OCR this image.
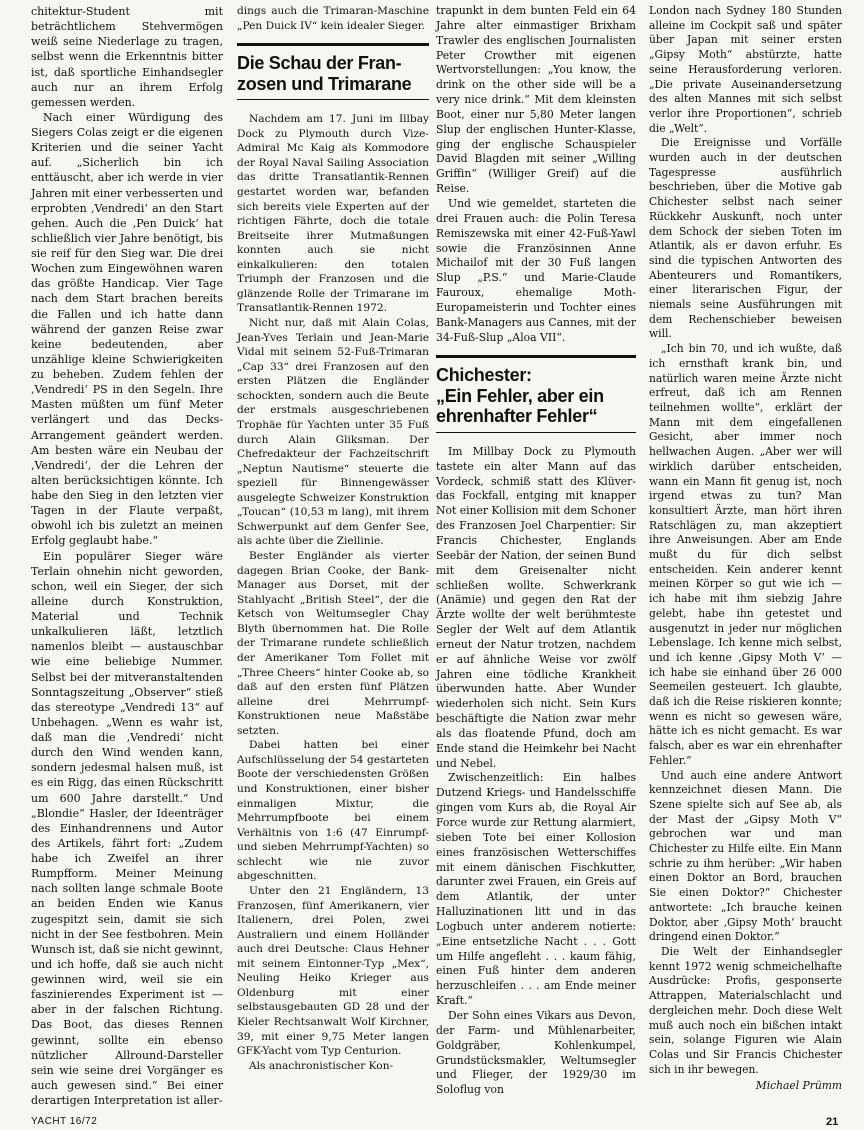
chitektur-Student mit beträchtlichem Stehvermögen weiß seine Niederlage zu tragen, selbst wenn die Erkenntnis bitter ist, daß sportliche Einhandsegler auch nur an ihrem Erfolg gemessen werden.

Nach einer Würdigung des Siegers Colas zeigt er die eigenen Kriterien und die seiner Yacht auf. „Sicherlich bin ich enttäuscht, aber ich werde in vier Jahren mit einer verbesserten und erprobten ‚Vendredi‘ an den Start gehen. Auch die ‚Pen Duick‘ hat schließlich vier Jahre benötigt, bis sie reif für den Sieg war. Die drei Wochen zum Eingewöhnen waren das größte Handicap. Vier Tage nach dem Start brachen bereits die Fallen und ich hatte dann während der ganzen Reise zwar keine bedeutenden, aber unzählige kleine Schwierigkeiten zu beheben. Zudem fehlen der ‚Vendredi‘ PS in den Segeln. Ihre Masten müßten um fünf Meter verlängert und das Decks-Arrangement geändert werden. Am besten wäre ein Neubau der ‚Vendredi‘, der die Lehren der alten berücksichtigen könnte. Ich habe den Sieg in den letzten vier Tagen in der Flaute verpaßt, obwohl ich bis zuletzt an meinen Erfolg geglaubt habe.“

Ein populärer Sieger wäre Terlain ohnehin nicht geworden, schon, weil ein Sieger, der sich alleine durch Konstruktion, Material und Technik unkalkulieren läßt, letztlich namenlos bleibt — austauschbar wie eine beliebige Nummer. Selbst bei der mitveranstaltenden Sonntagszeitung „Observer“ stieß das stereotype „Vendredi 13“ auf Unbehagen. „Wenn es wahr ist, daß man die ‚Vendredi‘ nicht durch den Wind wenden kann, sondern jedesmal halsen muß, ist es ein Rigg, das einen Rückschritt um 600 Jahre darstellt.“ Und „Blondie“ Hasler, der Ideenträger des Einhandrennens und Autor des Artikels, fährt fort: „Zudem habe ich Zweifel an ihrer Rumpfform. Meiner Meinung nach sollten lange schmale Boote an beiden Enden wie Kanus zugespitzt sein, damit sie sich nicht in der See festbohren. Mein Wunsch ist, daß sie nicht gewinnt, und ich hoffe, daß sie auch nicht gewinnen wird, weil sie ein faszinierendes Experiment ist — aber in der falschen Richtung. Das Boot, das dieses Rennen gewinnt, sollte ein ebenso nützlicher Allround-Darsteller sein wie seine drei Vorgänger es auch gewesen sind.“ Bei einer derartigen Interpretation ist aller-

dings auch die Trimaran-Maschine „Pen Duick IV“ kein idealer Sieger.

Die Schau der Fran-
zosen und Trimarane

Nachdem am 17. Juni im Illbay Dock zu Plymouth durch Vize-Admiral Mc Kaig als Kommodore der Royal Naval Sailing Association das dritte Transatlantik-Rennen gestartet worden war, befanden sich bereits viele Experten auf der richtigen Fährte, doch die totale Breitseite ihrer Mutmaßungen konnten auch sie nicht einkalkulieren: den totalen Triumph der Franzosen und die glänzende Rolle der Trimarane im Transatlantik-Rennen 1972.

Nicht nur, daß mit Alain Colas, Jean-Yves Terlain und Jean-Marie Vidal mit seinem 52-Fuß-Trimaran „Cap 33“ drei Franzosen auf den ersten Plätzen die Engländer schockten, sondern auch die Beute der erstmals ausgeschriebenen Trophäe für Yachten unter 35 Fuß durch Alain Gliksman. Der Chefredakteur der Fachzeitschrift „Neptun Nautisme“ steuerte die speziell für Binnengewässer ausgelegte Schweizer Konstruktion „Toucan“ (10,53 m lang), mit ihrem Schwerpunkt auf dem Genfer See, als achte über die Ziellinie.

Bester Engländer als vierter dagegen Brian Cooke, der Bank-Manager aus Dorset, mit der Stahlyacht „British Steel“, der die Ketsch von Weltumsegler Chay Blyth übernommen hat. Die Rolle der Trimarane rundete schließlich der Amerikaner Tom Follet mit „Three Cheers“ hinter Cooke ab, so daß auf den ersten fünf Plätzen alleine drei Mehrrumpf-Konstruktionen neue Maßstäbe setzten.

Dabei hatten bei einer Aufschlüsselung der 54 gestarteten Boote der verschiedensten Größen und Konstruktionen, einer bisher einmaligen Mixtur, die Mehrrumpfboote bei einem Verhältnis von 1:6 (47 Einrumpf- und sieben Mehrrumpf-Yachten) so schlecht wie nie zuvor abgeschnitten.

Unter den 21 Engländern, 13 Franzosen, fünf Amerikanern, vier Italienern, drei Polen, zwei Australiern und einem Holländer auch drei Deutsche: Claus Hehner mit seinem Eintonner-Typ „Mex“, Neuling Heiko Krieger aus Oldenburg mit einer selbstausgebauten GD 28 und der Kieler Rechtsanwalt Wolf Kirchner, 39, mit einer 9,75 Meter langen GFK-Yacht vom Typ Centurion.

Als anachronistischer Kon-

trapunkt in dem bunten Feld ein 64 Jahre alter einmastiger Brixham Trawler des englischen Journalisten Peter Crowther mit eigenen Wertvorstellungen: „You know, the drink on the other side will be a very nice drink.“ Mit dem kleinsten Boot, einer nur 5,80 Meter langen Slup der englischen Hunter-Klasse, ging der englische Schauspieler David Blagden mit seiner „Willing Griffin“ (Williger Greif) auf die Reise.

Und wie gemeldet, starteten die drei Frauen auch: die Polin Teresa Remiszewska mit einer 42-Fuß-Yawl sowie die Französinnen Anne Michailof mit der 30 Fuß langen Slup „P.S.“ und Marie-Claude Fauroux, ehemalige Moth-Europameisterin und Tochter eines Bank-Managers aus Cannes, mit der 34-Fuß-Slup „Aloa VII“.

Chichester:
„Ein Fehler, aber ein
ehrenhafter Fehler“

Im Millbay Dock zu Plymouth tastete ein alter Mann auf das Vordeck, schmiß statt des Klüver- das Fockfall, entging mit knapper Not einer Kollision mit dem Schoner des Franzosen Joel Charpentier: Sir Francis Chichester, Englands Seebär der Nation, der seinen Bund mit dem Greisenalter nicht schließen wollte. Schwerkrank (Anämie) und gegen den Rat der Ärzte wollte der welt berühmteste Segler der Welt auf dem Atlantik erneut der Natur trotzen, nachdem er auf ähnliche Weise vor zwölf Jahren eine tödliche Krankheit überwunden hatte. Aber Wunder wiederholen sich nicht. Sein Kurs beschäftigte die Nation zwar mehr als das floatende Pfund, doch am Ende stand die Heimkehr bei Nacht und Nebel.

Zwischenzeitlich: Ein halbes Dutzend Kriegs- und Handelsschiffe gingen vom Kurs ab, die Royal Air Force wurde zur Rettung alarmiert, sieben Tote bei einer Kollosion eines französischen Wetterschiffes mit einem dänischen Fischkutter, darunter zwei Frauen, ein Greis auf dem Atlantik, der unter Halluzinationen litt und in das Logbuch unter anderem notierte: „Eine entsetzliche Nacht . . . Gott um Hilfe angefleht . . . kaum fähig, einen Fuß hinter dem anderen herzuschleifen . . . am Ende meiner Kraft.“

Der Sohn eines Vikars aus Devon, der Farm- und Mühlenarbeiter, Goldgräber, Kohlenkumpel, Grundstücksmakler, Weltumsegler und Flieger, der 1929/30 im Soloflug von

London nach Sydney 180 Stunden alleine im Cockpit saß und später über Japan mit seiner ersten „Gipsy Moth“ abstürzte, hatte seine Herausforderung verloren. „Die private Auseinandersetzung des alten Mannes mit sich selbst verlor ihre Proportionen“, schrieb die „Welt“.

Die Ereignisse und Vorfälle wurden auch in der deutschen Tagespresse ausführlich beschrieben, über die Motive gab Chichester selbst nach seiner Rückkehr Auskunft, noch unter dem Schock der sieben Toten im Atlantik, als er davon erfuhr. Es sind die typischen Antworten des Abenteurers und Romantikers, einer literarischen Figur, der niemals seine Ausführungen mit dem Rechenschieber beweisen will.

„Ich bin 70, und ich wußte, daß ich ernsthaft krank bin, und natürlich waren meine Ärzte nicht erfreut, daß ich am Rennen teilnehmen wollte“, erklärt der Mann mit dem eingefallenen Gesicht, aber immer noch hellwachen Augen. „Aber wer will wirklich darüber entscheiden, wann ein Mann fit genug ist, noch irgend etwas zu tun? Man konsultiert Ärzte, man hört ihren Ratschlägen zu, man akzeptiert ihre Anweisungen. Aber am Ende mußt du für dich selbst entscheiden. Kein anderer kennt meinen Körper so gut wie ich — ich habe mit ihm siebzig Jahre gelebt, habe ihn getestet und ausgenutzt in jeder nur möglichen Lebenslage. Ich kenne mich selbst, und ich kenne ‚Gipsy Moth V‘ — ich habe sie einhand über 26 000 Seemeilen gesteuert. Ich glaubte, daß ich die Reise riskieren konnte; wenn es nicht so gewesen wäre, hätte ich es nicht gemacht. Es war falsch, aber es war ein ehrenhafter Fehler.“

Und auch eine andere Antwort kennzeichnet diesen Mann. Die Szene spielte sich auf See ab, als der Mast der „Gipsy Moth V“ gebrochen war und man Chichester zu Hilfe eilte. Ein Mann schrie zu ihm herüber: „Wir haben einen Doktor an Bord, brauchen Sie einen Doktor?“ Chichester antwortete: „Ich brauche keinen Doktor, aber ‚Gipsy Moth‘ braucht dringend einen Doktor.“

Die Welt der Einhandsegler kennt 1972 wenig schmeichelhafte Ausdrücke: Profis, gesponserte Attrappen, Materialschlacht und dergleichen mehr. Doch diese Welt muß auch noch ein bißchen intakt sein, solange Figuren wie Alain Colas und Sir Francis Chichester sich in ihr bewegen.

Michael Prümm

YACHT 16/72	21
